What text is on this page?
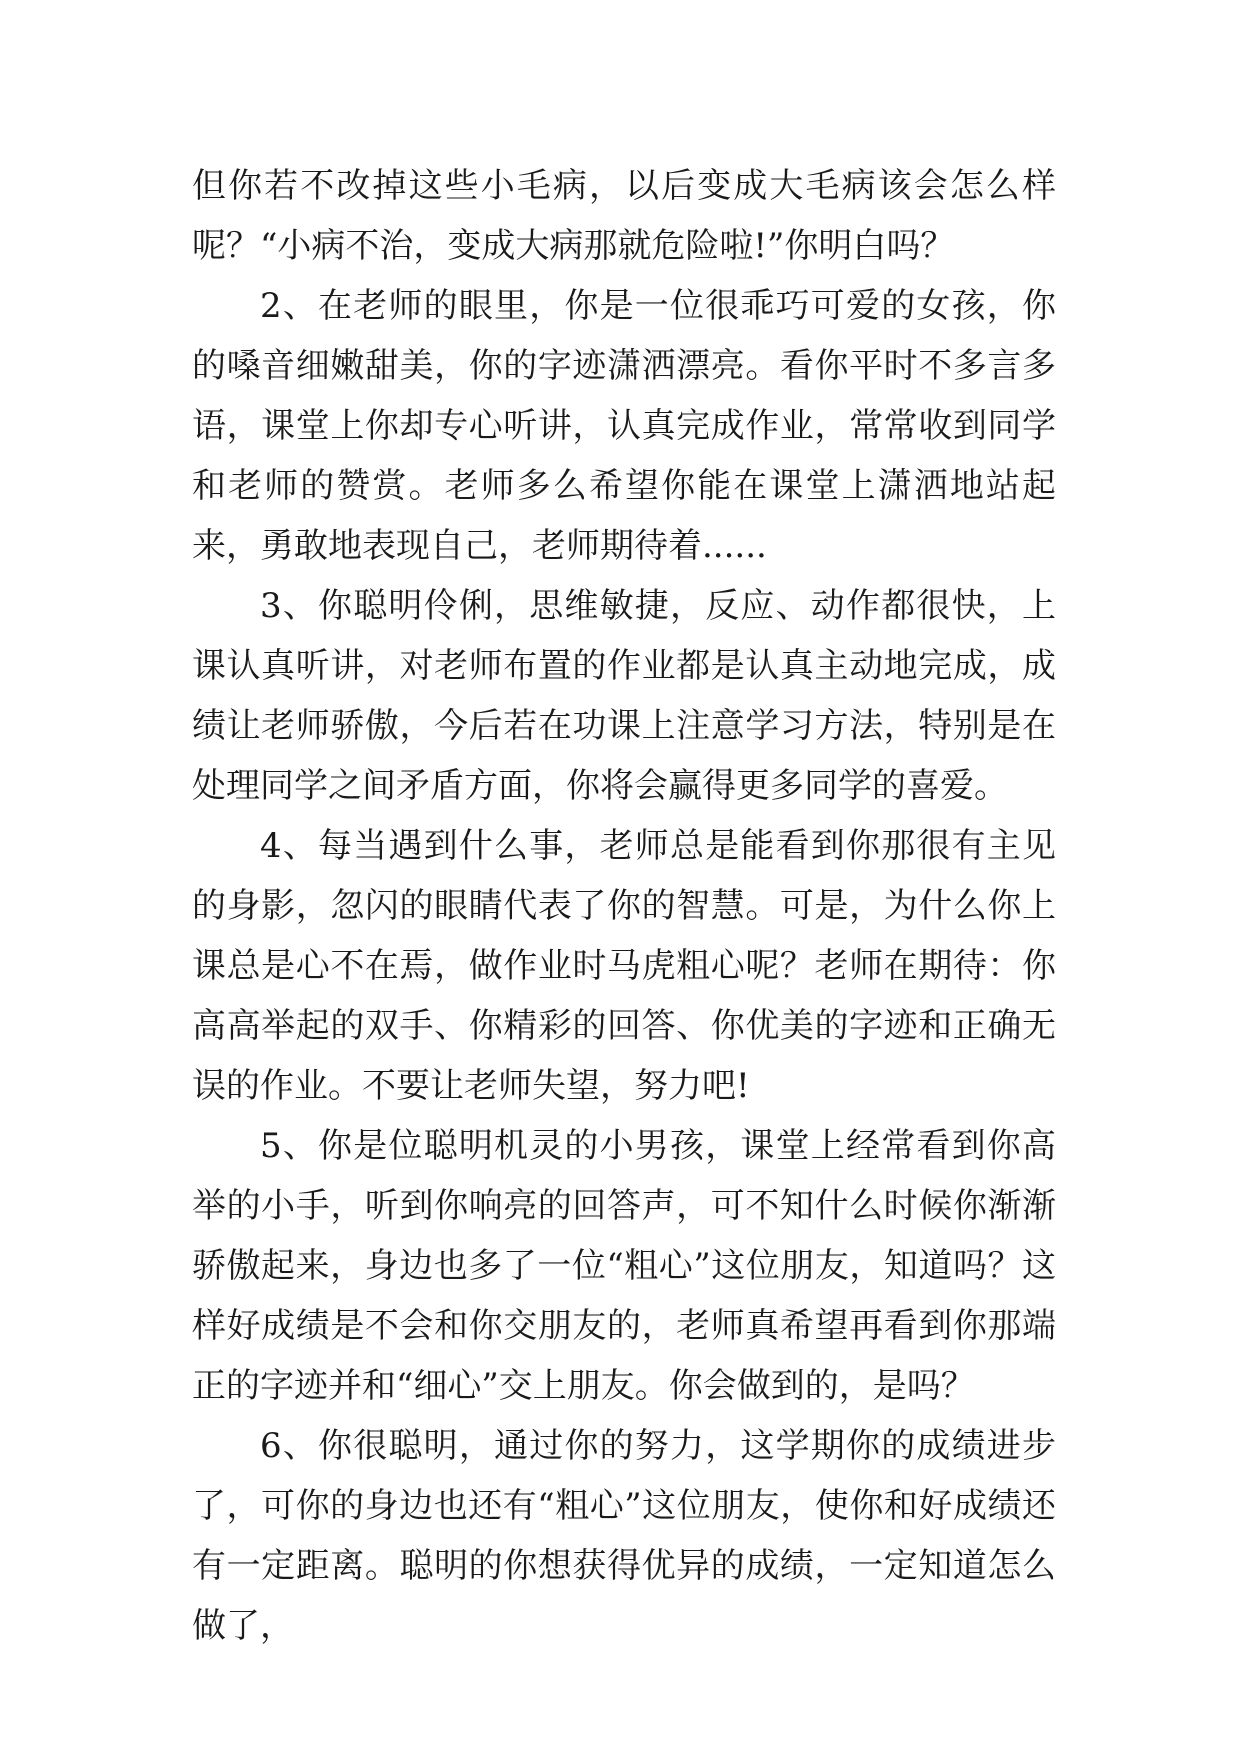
但你若不改掉这些小毛病，以后变成大毛病该会怎么样呢？“小病不治，变成大病那就危险啦!”你明白吗？

2、在老师的眼里，你是一位很乖巧可爱的女孩，你的嗓音细嫩甜美，你的字迹潇洒漂亮。看你平时不多言多语，课堂上你却专心听讲，认真完成作业，常常收到同学和老师的赞赏。老师多么希望你能在课堂上潇洒地站起来，勇敢地表现自己，老师期待着......

3、你聪明伶俐，思维敏捷，反应、动作都很快，上课认真听讲，对老师布置的作业都是认真主动地完成，成绩让老师骄傲，今后若在功课上注意学习方法，特别是在处理同学之间矛盾方面，你将会赢得更多同学的喜爱。

4、每当遇到什么事，老师总是能看到你那很有主见的身影，忽闪的眼睛代表了你的智慧。可是，为什么你上课总是心不在焉，做作业时马虎粗心呢？老师在期待：你高高举起的双手、你精彩的回答、你优美的字迹和正确无误的作业。不要让老师失望，努力吧!

5、你是位聪明机灵的小男孩，课堂上经常看到你高举的小手，听到你响亮的回答声，可不知什么时候你渐渐骄傲起来，身边也多了一位“粗心”这位朋友，知道吗？这样好成绩是不会和你交朋友的，老师真希望再看到你那端正的字迹并和“细心”交上朋友。你会做到的，是吗？

6、你很聪明，通过你的努力，这学期你的成绩进步了，可你的身边也还有“粗心”这位朋友，使你和好成绩还有一定距离。聪明的你想获得优异的成绩，一定知道怎么做了，
